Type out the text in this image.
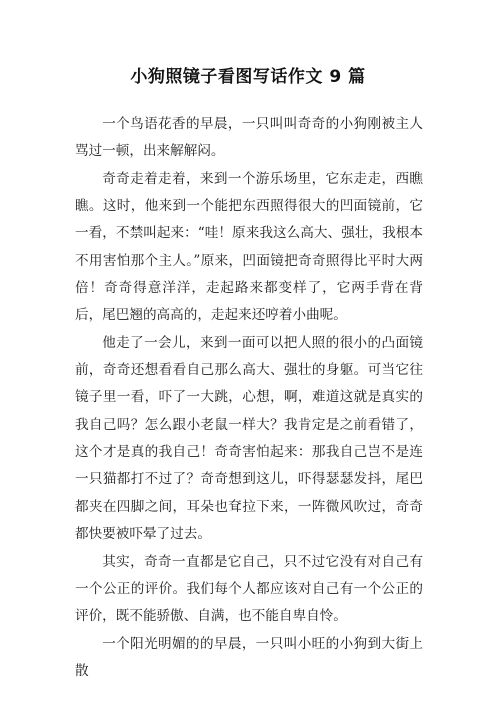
小狗照镜子看图写话作文 9 篇

一个鸟语花香的早晨，一只叫叫奇奇的小狗刚被主人骂过一顿，出来解解闷。

奇奇走着走着，来到一个游乐场里，它东走走，西瞧瞧。这时，他来到一个能把东西照得很大的凹面镜前，它一看，不禁叫起来：“哇！原来我这么高大、强壮，我根本不用害怕那个主人。”原来，凹面镜把奇奇照得比平时大两倍！奇奇得意洋洋，走起路来都变样了，它两手背在背后，尾巴翘的高高的，走起来还哼着小曲呢。

他走了一会儿，来到一面可以把人照的很小的凸面镜前，奇奇还想看看自己那么高大、强壮的身躯。可当它往镜子里一看，吓了一大跳，心想，啊，难道这就是真实的我自己吗？怎么跟小老鼠一样大？我肯定是之前看错了，这个才是真的我自己！奇奇害怕起来：那我自己岂不是连一只猫都打不过了？奇奇想到这儿，吓得瑟瑟发抖，尾巴都夹在四脚之间，耳朵也耷拉下来，一阵微风吹过，奇奇都快要被吓晕了过去。

其实，奇奇一直都是它自己，只不过它没有对自己有一个公正的评价。我们每个人都应该对自己有一个公正的评价，既不能骄傲、自满，也不能自卑自怜。

一个阳光明媚的的早晨，一只叫小旺的小狗到大街上散
